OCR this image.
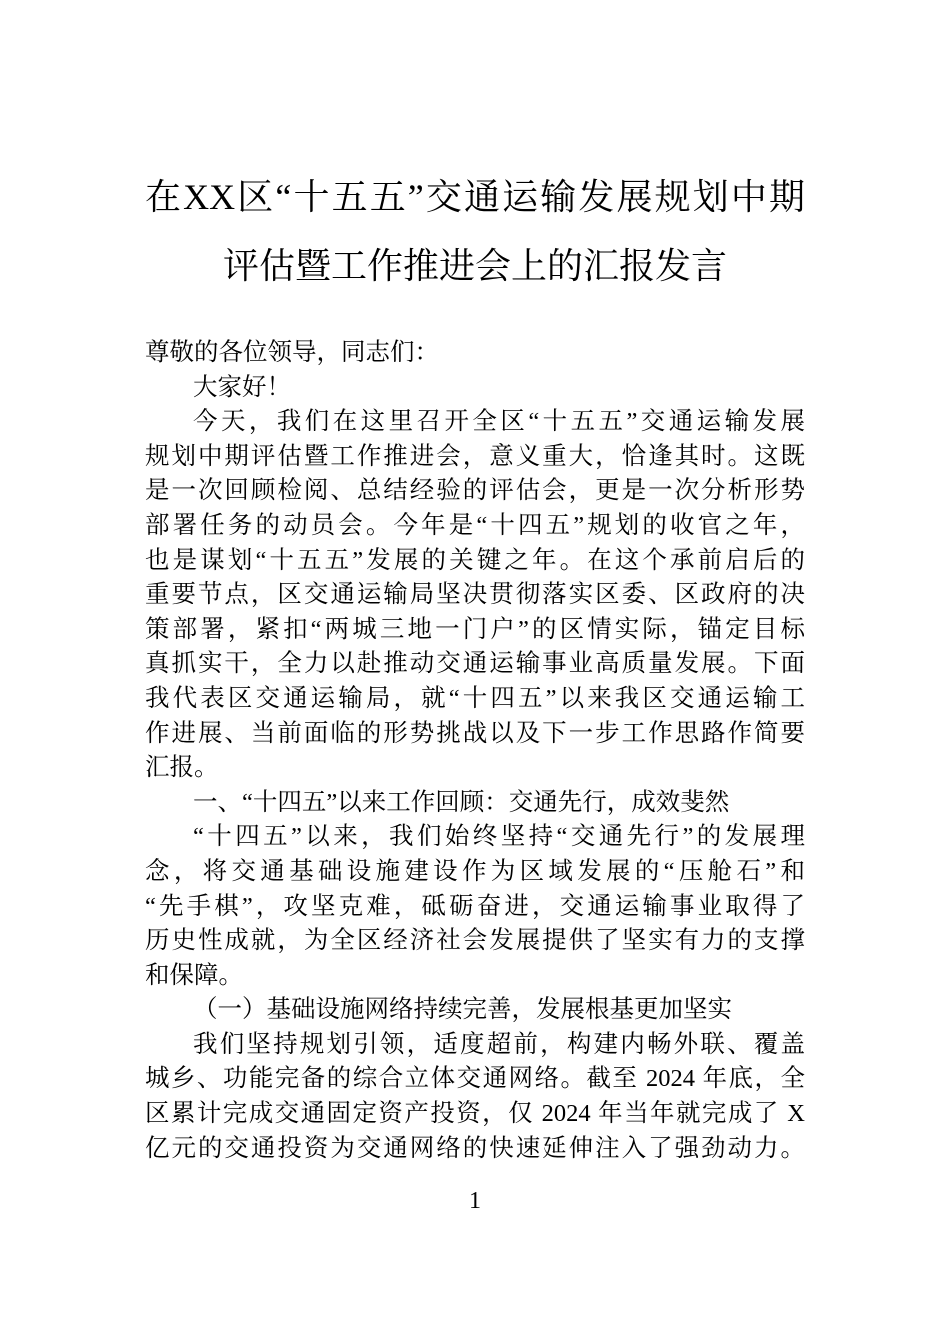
在XX区“十五五”交通运输发展规划中期
评估暨工作推进会上的汇报发言
尊敬的各位领导，同志们：
大家好！
今天，我们在这里召开全区“十五五”交通运输发展
规划中期评估暨工作推进会，意义重大，恰逢其时。这既
是一次回顾检阅、总结经验的评估会，更是一次分析形势
部署任务的动员会。今年是“十四五”规划的收官之年，
也是谋划“十五五”发展的关键之年。在这个承前启后的
重要节点，区交通运输局坚决贯彻落实区委、区政府的决
策部署，紧扣“两城三地一门户”的区情实际，锚定目标
真抓实干，全力以赴推动交通运输事业高质量发展。下面
我代表区交通运输局，就“十四五”以来我区交通运输工
作进展、当前面临的形势挑战以及下一步工作思路作简要
汇报。
一、“十四五”以来工作回顾：交通先行，成效斐然
“十四五”以来，我们始终坚持“交通先行”的发展理
念，将交通基础设施建设作为区域发展的“压舱石”和
“先手棋”，攻坚克难，砥砺奋进，交通运输事业取得了
历史性成就，为全区经济社会发展提供了坚实有力的支撑
和保障。
（一）基础设施网络持续完善，发展根基更加坚实
我们坚持规划引领，适度超前，构建内畅外联、覆盖
城乡、功能完备的综合立体交通网络。截至 2024 年底，全
区累计完成交通固定资产投资，仅 2024 年当年就完成了 X
亿元的交通投资为交通网络的快速延伸注入了强劲动力。
1
